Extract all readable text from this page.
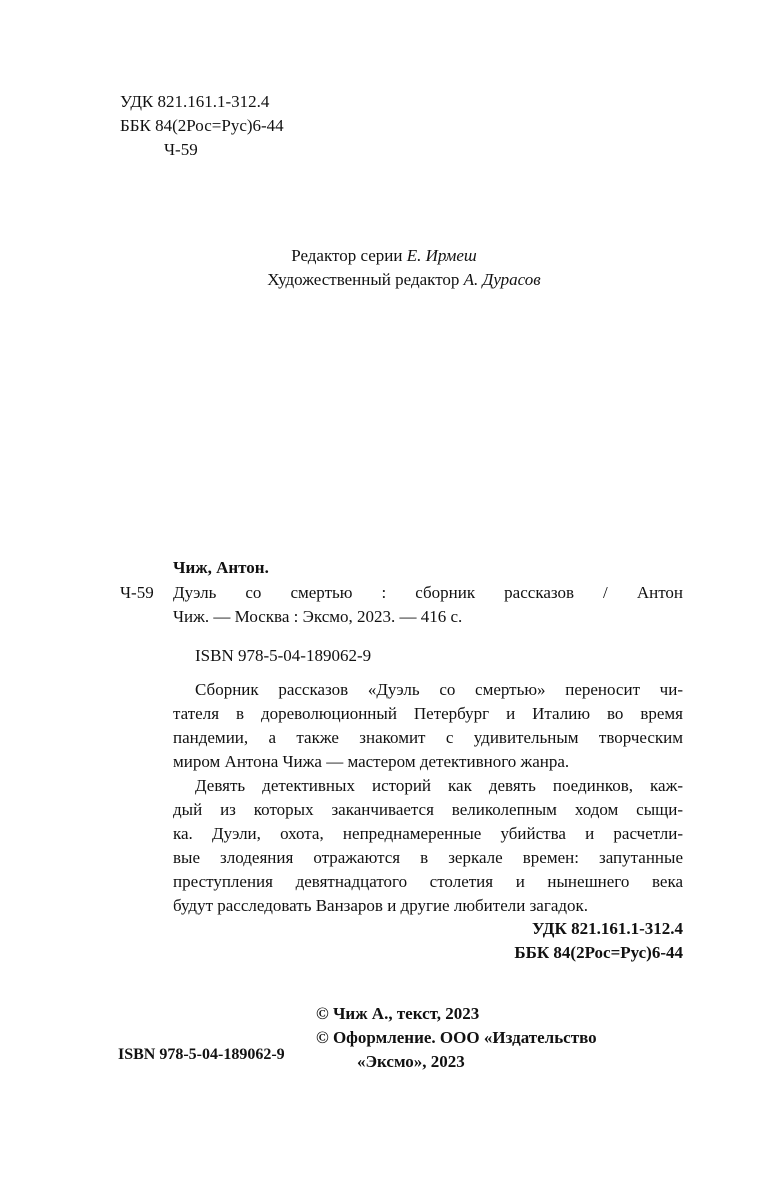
УДК 821.161.1-312.4
ББК 84(2Рос=Рус)6-44
Ч-59
Редактор серии Е. Ирмеш
Художественный редактор А. Дурасов
Чиж, Антон.
Ч-59 Дуэль со смертью : сборник рассказов / Антон
Чиж. — Москва : Эксмо, 2023. — 416 с.
ISBN 978-5-04-189062-9
Сборник рассказов «Дуэль со смертью» переносит чи-
тателя в дореволюционный Петербург и Италию во время
пандемии, а также знакомит с удивительным творческим
миром Антона Чижа — мастером детективного жанра.
Девять детективных историй как девять поединков, каж-
дый из которых заканчивается великолепным ходом сыщи-
ка. Дуэли, охота, непреднамеренные убийства и расчетли-
вые злодеяния отражаются в зеркале времен: запутанные
преступления девятнадцатого столетия и нынешнего века
будут расследовать Ванзаров и другие любители загадок.
УДК 821.161.1-312.4
ББК 84(2Рос=Рус)6-44
© Чиж А., текст, 2023
© Оформление. ООО «Издательство
«Эксмо», 2023
ISBN 978-5-04-189062-9
